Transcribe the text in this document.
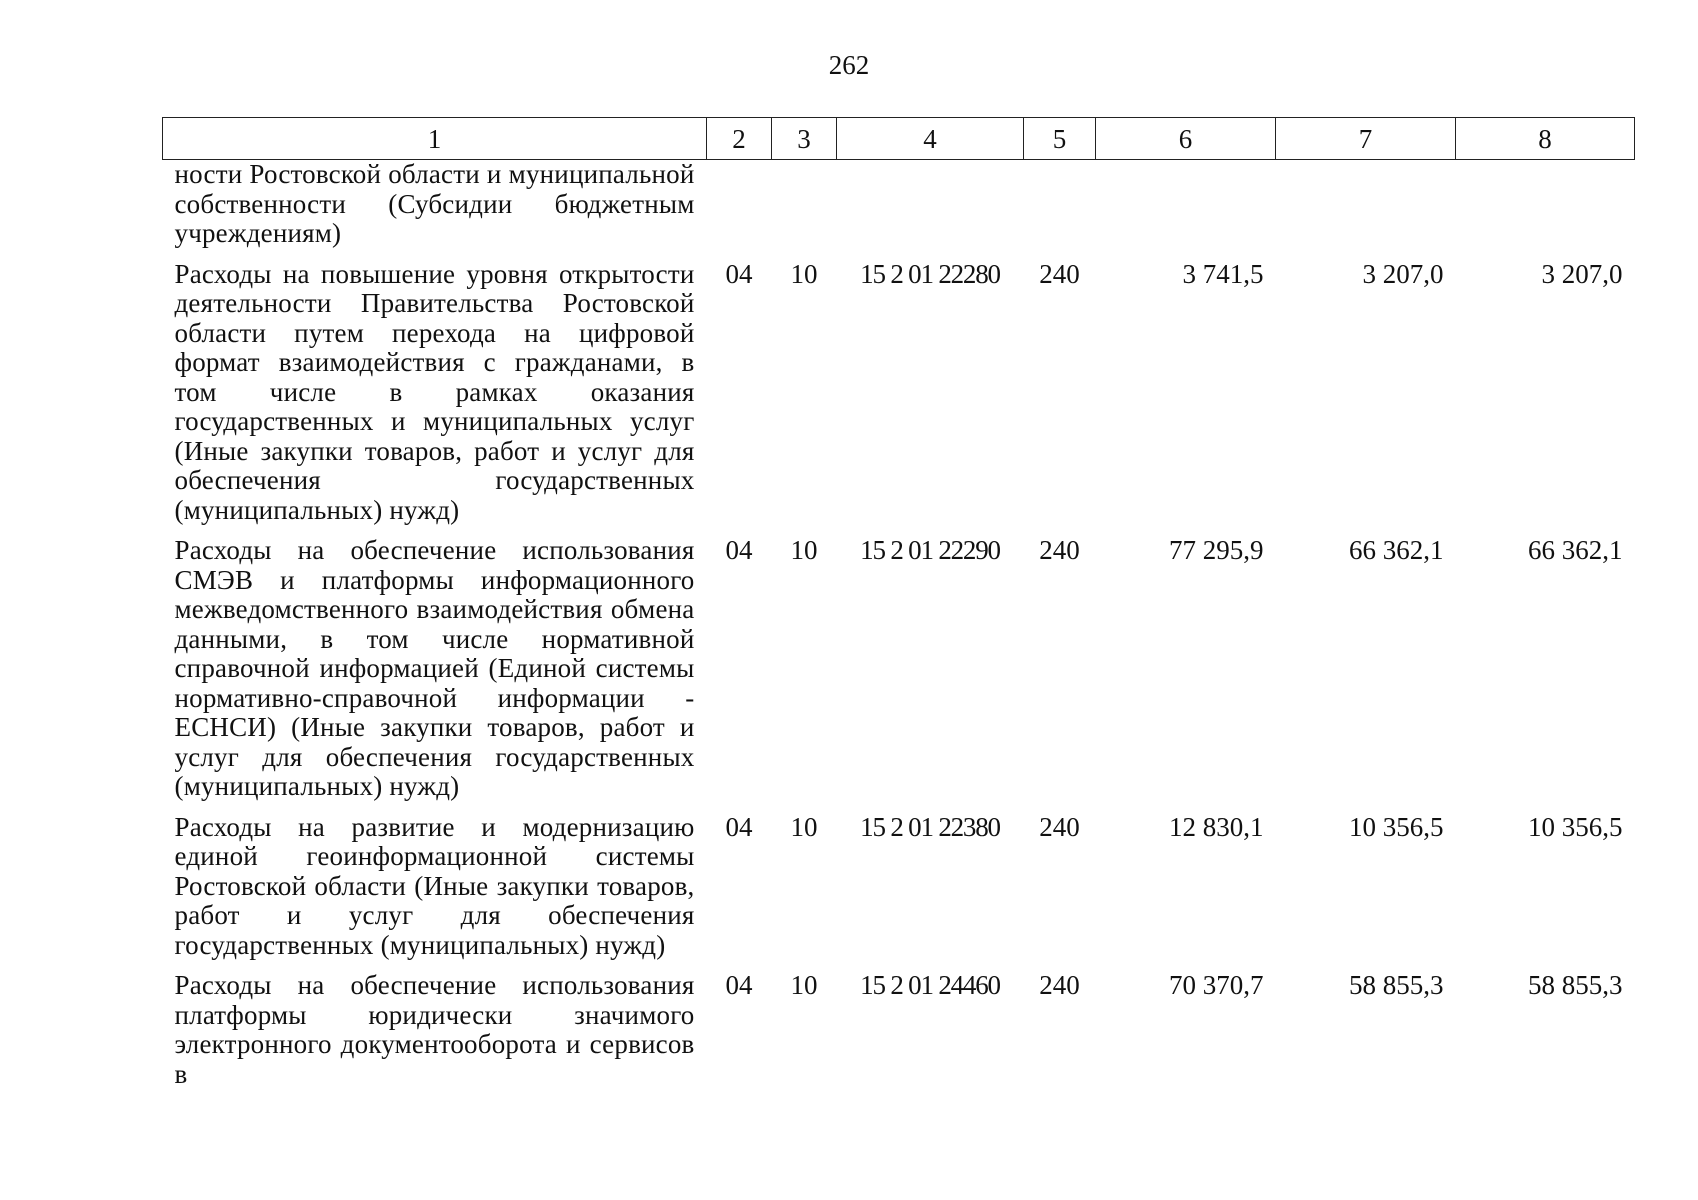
262
1	2	3	4	5	6	7	8
ности Ростовской области и муниципальной собственности (Субсидии бюджетным учреждениям)							
Расходы на повышение уровня открытости деятельности Правительства Ростовской области путем перехода на цифровой формат взаимодействия с гражданами, в том числе в рамках оказания государственных и муниципальных услуг (Иные закупки товаров, работ и услуг для обеспечения государственных (муниципальных) нужд)	04	10	15 2 01 22280	240	3 741,5	3 207,0	3 207,0
Расходы на обеспечение использования СМЭВ и платформы информационного межведомственного взаимодействия обмена данными, в том числе нормативной справочной информацией (Единой системы нормативно-справочной информации - ЕСНСИ) (Иные закупки товаров, работ и услуг для обеспечения государственных (муниципальных) нужд)	04	10	15 2 01 22290	240	77 295,9	66 362,1	66 362,1
Расходы на развитие и модернизацию единой геоинформационной системы Ростовской области (Иные закупки товаров, работ и услуг для обеспечения государственных (муниципальных) нужд)	04	10	15 2 01 22380	240	12 830,1	10 356,5	10 356,5
Расходы на обеспечение использования платформы юридически значимого электронного документооборота и сервисов в	04	10	15 2 01 24460	240	70 370,7	58 855,3	58 855,3
